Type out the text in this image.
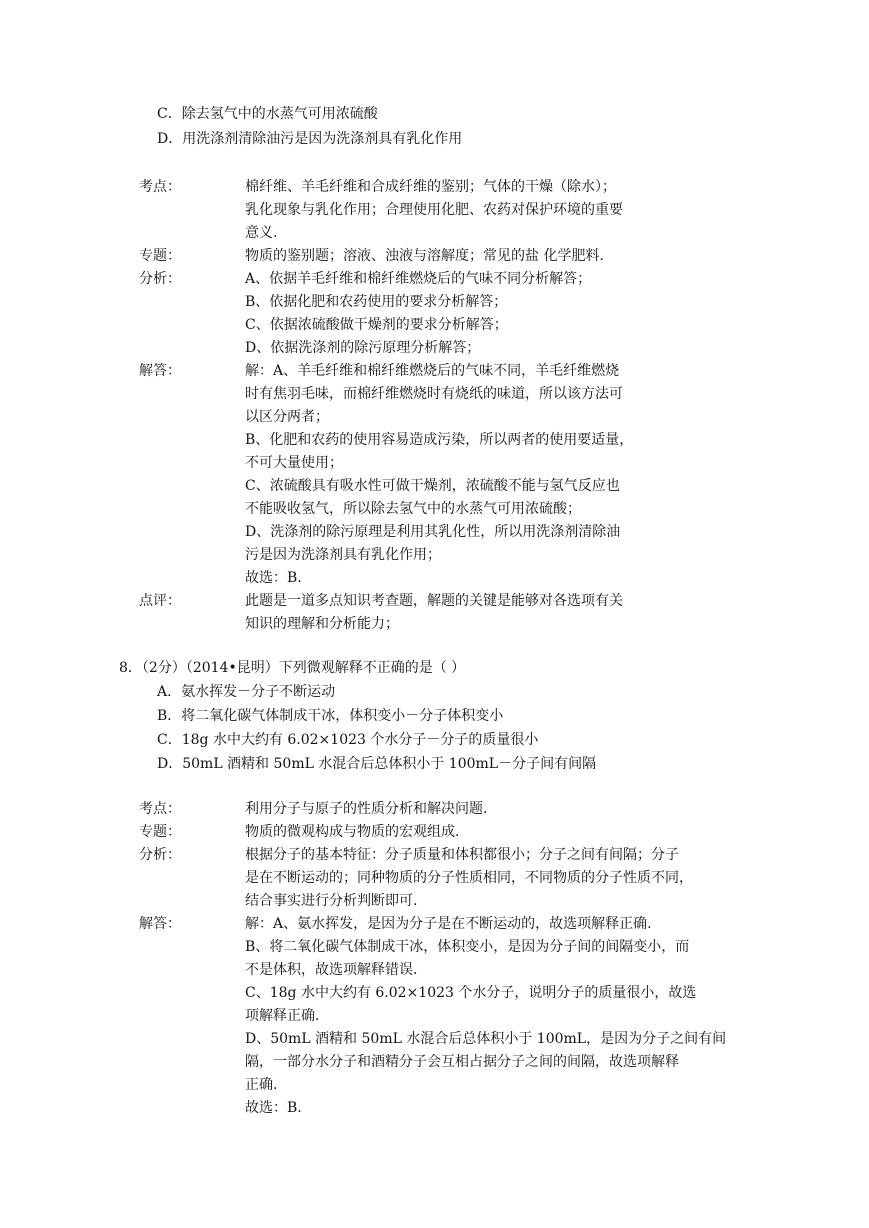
C．除去氢气中的水蒸气可用浓硫酸
D．用洗涤剂清除油污是因为洗涤剂具有乳化作用
考点：	棉纤维、羊毛纤维和合成纤维的鉴别；气体的干燥（除水）；
乳化现象与乳化作用；合理使用化肥、农药对保护环境的重要
意义.
专题：	物质的鉴别题；溶液、浊液与溶解度；常见的盐 化学肥料.
分析：	A、依据羊毛纤维和棉纤维燃烧后的气味不同分析解答；
B、依据化肥和农药使用的要求分析解答；
C、依据浓硫酸做干燥剂的要求分析解答；
D、依据洗涤剂的除污原理分析解答；
解答：	解：A、羊毛纤维和棉纤维燃烧后的气味不同，羊毛纤维燃烧
时有焦羽毛味，而棉纤维燃烧时有烧纸的味道，所以该方法可
以区分两者；
B、化肥和农药的使用容易造成污染，所以两者的使用要适量，
不可大量使用；
C、浓硫酸具有吸水性可做干燥剂，浓硫酸不能与氢气反应也
不能吸收氢气，所以除去氢气中的水蒸气可用浓硫酸；
D、洗涤剂的除污原理是利用其乳化性，所以用洗涤剂清除油
污是因为洗涤剂具有乳化作用；
故选：B.
点评：	此题是一道多点知识考查题，解题的关键是能够对各选项有关
知识的理解和分析能力；
8．（2分）（2014•昆明）下列微观解释不正确的是（ ）
A．氨水挥发－分子不断运动
B．将二氧化碳气体制成干冰，体积变小－分子体积变小
C．18g 水中大约有 6.02×1023 个水分子－分子的质量很小
D．50mL 酒精和 50mL 水混合后总体积小于 100mL－分子间有间隔
考点：	利用分子与原子的性质分析和解决问题.
专题：	物质的微观构成与物质的宏观组成.
分析：	根据分子的基本特征：分子质量和体积都很小；分子之间有间隔；分子
是在不断运动的；同种物质的分子性质相同，不同物质的分子性质不同，
结合事实进行分析判断即可.
解答：	解：A、氨水挥发，是因为分子是在不断运动的，故选项解释正确.
B、将二氧化碳气体制成干冰，体积变小，是因为分子间的间隔变小，而
不是体积，故选项解释错误.
C、18g 水中大约有 6.02×1023 个水分子，说明分子的质量很小，故选
项解释正确.
D、50mL 酒精和 50mL 水混合后总体积小于 100mL，是因为分子之间有间
隔，一部分水分子和酒精分子会互相占据分子之间的间隔，故选项解释
正确.
故选：B.
